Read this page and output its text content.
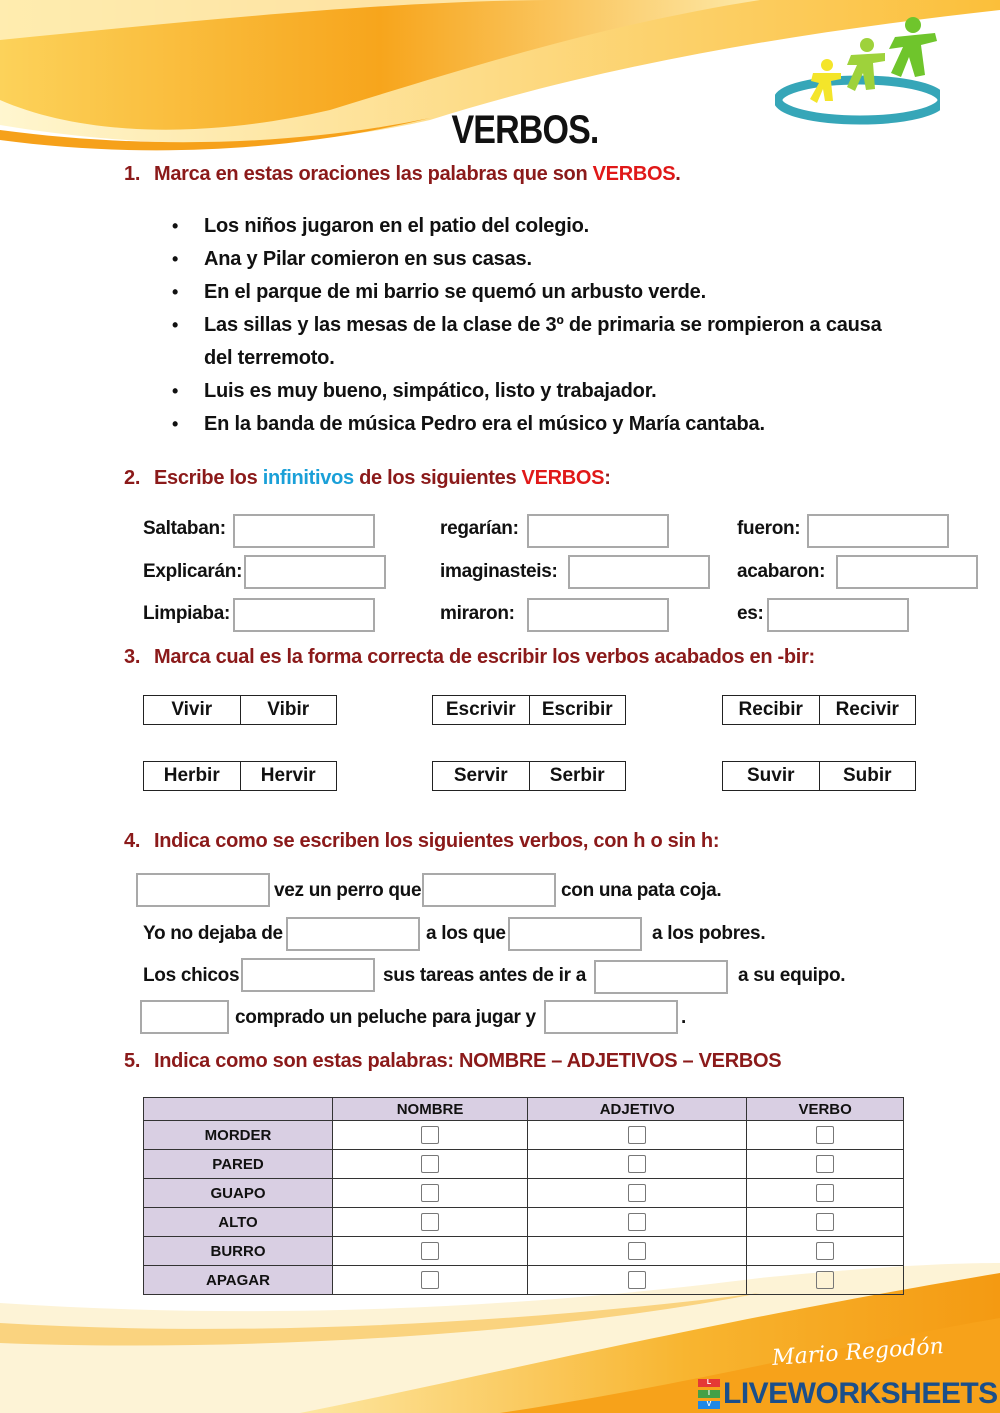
VERBOS.
1. Marca en estas oraciones las palabras que son VERBOS.
• Los niños jugaron en el patio del colegio.
• Ana y Pilar comieron en sus casas.
• En el parque de mi barrio se quemó un arbusto verde.
• Las sillas y las mesas de la clase de 3º de primaria se rompieron a causa del terremoto.
• Luis es muy bueno, simpático, listo y trabajador.
• En la banda de música Pedro era el músico y María cantaba.
2. Escribe los infinitivos de los siguientes VERBOS:
Saltaban:	regarían:	fueron:
Explicarán:	imaginasteis:	acabaron:
Limpiaba:	miraron:	es:
3. Marca cual es la forma correcta de escribir los verbos acabados en -bir:
Vivir	Vibir	Escrivir	Escribir	Recibir	Recivir
Herbir	Hervir	Servir	Serbir	Suvir	Subir
4. Indica como se escriben los siguientes verbos, con h o sin h:
vez un perro que	con una pata coja.
Yo no dejaba de	a los que	a los pobres.
Los chicos	sus tareas antes de ir a	a su equipo.
comprado un peluche para jugar y	.
5. Indica como son estas palabras: NOMBRE – ADJETIVOS – VERBOS
	NOMBRE	ADJETIVO	VERBO
MORDER			
PARED			
GUAPO			
ALTO			
BURRO			
APAGAR			
Mario Regodón
L
I
V LIVEWORKSHEETS
